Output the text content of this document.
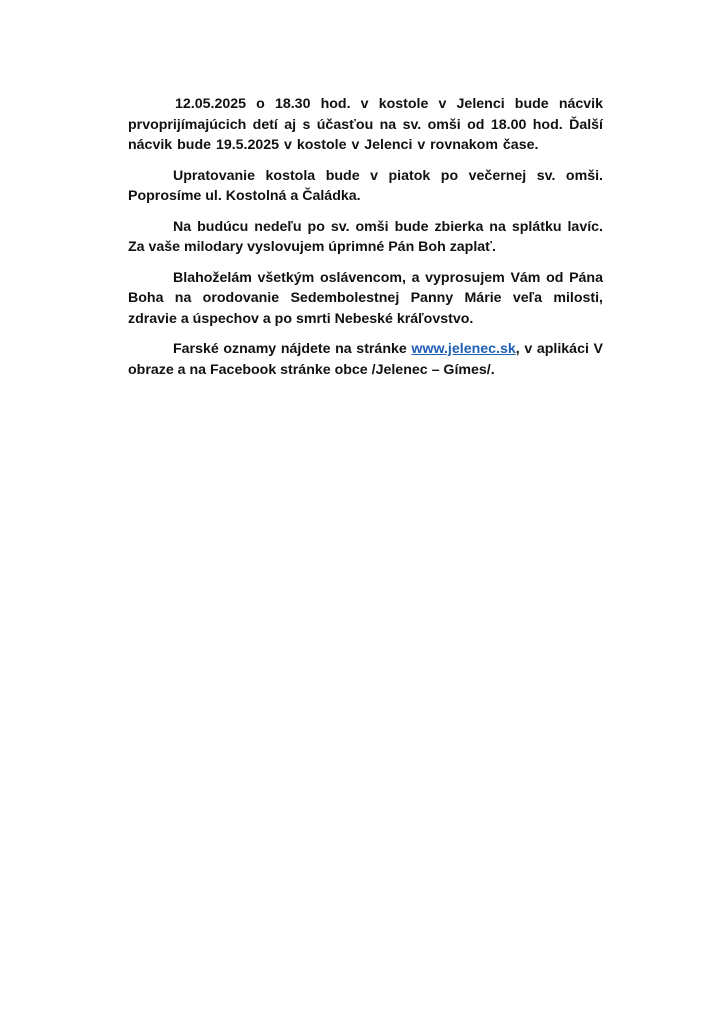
12.05.2025 o 18.30 hod. v kostole v Jelenci bude nácvik prvoprijímajúcich detí aj s účasťou na sv. omši od 18.00 hod. Ďalší nácvik bude 19.5.2025 v kostole v Jelenci v rovnakom čase.

Upratovanie kostola bude v piatok po večernej sv. omši. Poprosíme ul. Kostolná a Čaládka.

Na budúcu nedeľu po sv. omši bude zbierka na splátku lavíc. Za vaše milodary vyslovujem úprimné Pán Boh zaplať.

Blahoželám všetkým oslávencom, a vyprosujem Vám od Pána Boha na orodovanie Sedembolestnej Panny Márie veľa milosti, zdravie a úspechov a po smrti Nebeské kráľovstvo.

Farské oznamy nájdete na stránke www.jelenec.sk, v aplikáci V obraze a na Facebook stránke obce /Jelenec – Gímes/.
